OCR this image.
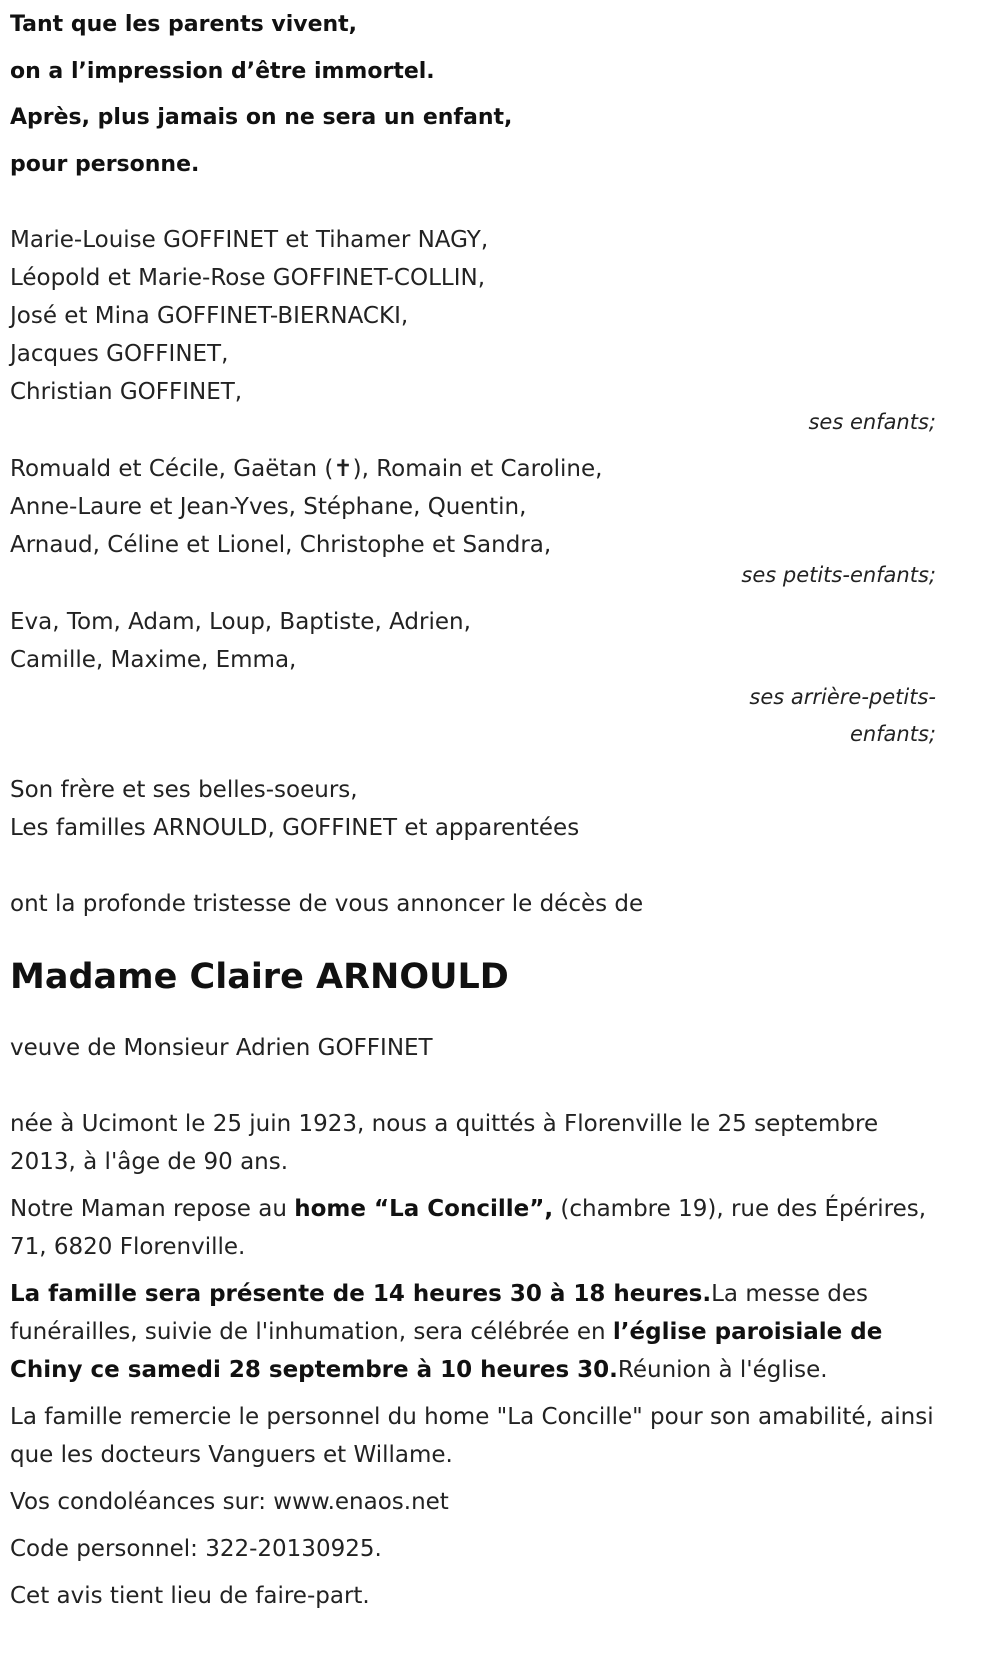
Tant que les parents vivent,
on a l’impression d’être immortel.
Après, plus jamais on ne sera un enfant,
pour personne.
Marie-Louise GOFFINET et Tihamer NAGY,
Léopold et Marie-Rose GOFFINET-COLLIN,
José et Mina GOFFINET-BIERNACKI,
Jacques GOFFINET,
Christian GOFFINET,
ses enfants;
Romuald et Cécile, Gaëtan (✝), Romain et Caroline,
Anne-Laure et Jean-Yves, Stéphane, Quentin,
Arnaud, Céline et Lionel, Christophe et Sandra,
ses petits-enfants;
Eva, Tom, Adam, Loup, Baptiste, Adrien,
Camille, Maxime, Emma,
ses arrière-petits-
enfants;
Son frère et ses belles-soeurs,
Les familles ARNOULD, GOFFINET et apparentées
ont la profonde tristesse de vous annoncer le décès de
Madame Claire ARNOULD
veuve de Monsieur Adrien GOFFINET
née à Ucimont le 25 juin 1923, nous a quittés à Florenville le 25 septembre 2013, à l'âge de 90 ans.
Notre Maman repose au home “La Concille”, (chambre 19), rue des Épérires, 71, 6820 Florenville.
La famille sera présente de 14 heures 30 à 18 heures.La messe des funérailles, suivie de l'inhumation, sera célébrée en l’église paroisiale de Chiny ce samedi 28 septembre à 10 heures 30.Réunion à l'église.
La famille remercie le personnel du home "La Concille" pour son amabilité, ainsi que les docteurs Vanguers et Willame.
Vos condoléances sur: www.enaos.net
Code personnel: 322-20130925.
Cet avis tient lieu de faire-part.
